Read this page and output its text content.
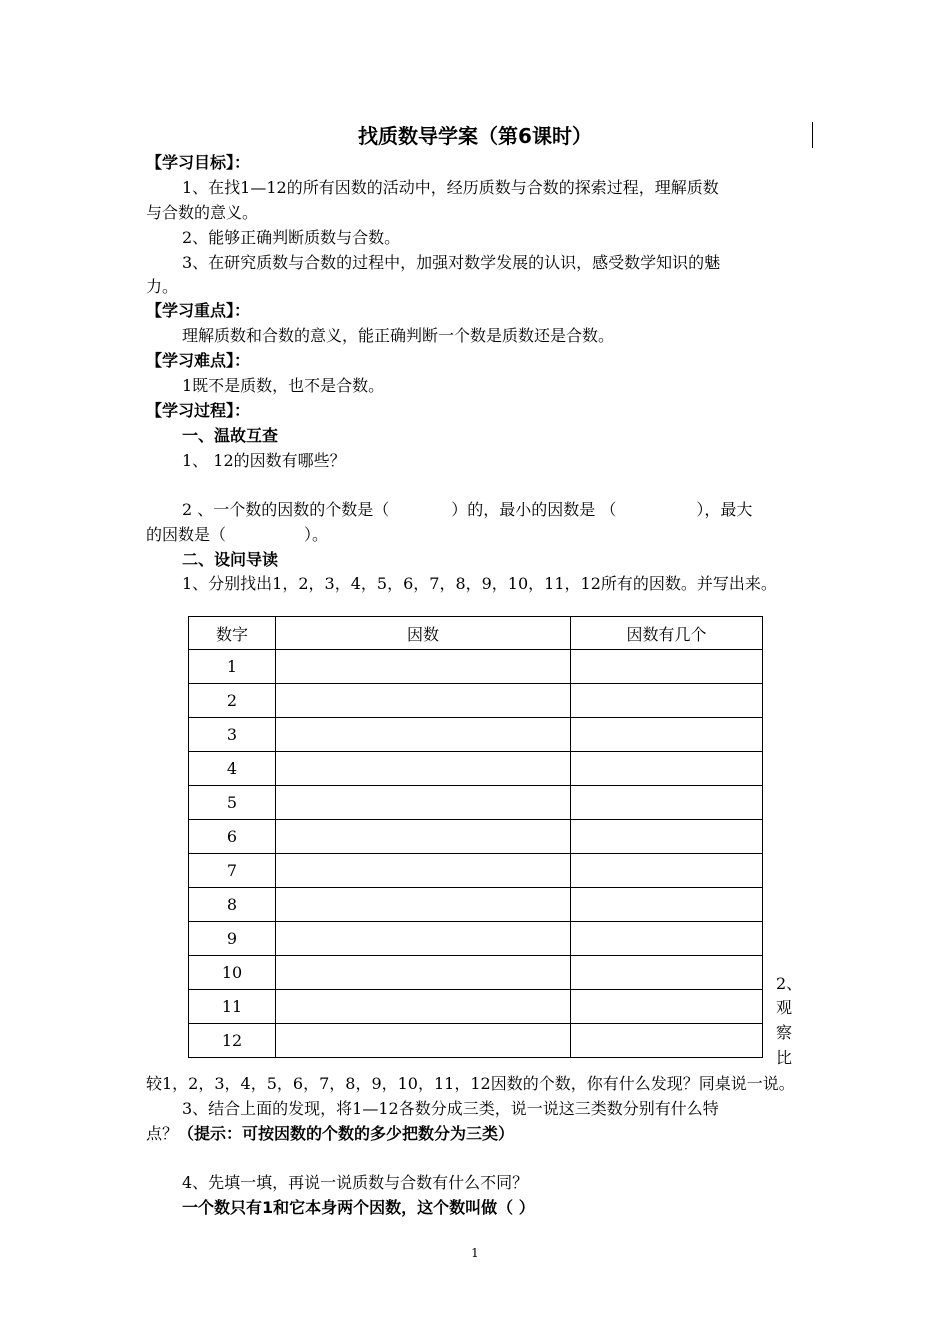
找质数导学案（第6课时）
【学习目标】：
1、在找1—12的所有因数的活动中，经历质数与合数的探索过程，理解质数
与合数的意义。
2、能够正确判断质数与合数。
3、在研究质数与合数的过程中，加强对数学发展的认识，感受数学知识的魅
力。
【学习重点】：
理解质数和合数的意义，能正确判断一个数是质数还是合数。
【学习难点】：
1既不是质数，也不是合数。
【学习过程】：
一、温故互查
1、 12的因数有哪些？
2 、一个数的因数的个数是（	）的，最小的因数是 （	），最大
的因数是（	）。
二、设问导读
1、分别找出1，2，3，4，5，6，7，8，9，10，11，12所有的因数。并写出来。
数字	因数	因数有几个
1		
2		
3		
4		
5		
6		
7		
8		
9		
10		
11		
12		
2、
观
察
比
较1，2，3，4，5，6，7，8，9，10，11，12因数的个数，你有什么发现？同桌说一说。
3、结合上面的发现，将1—12各数分成三类，说一说这三类数分别有什么特
点？（提示：可按因数的个数的多少把数分为三类）
4、先填一填，再说一说质数与合数有什么不同？
一个数只有1和它本身两个因数，这个数叫做（ ）
1
